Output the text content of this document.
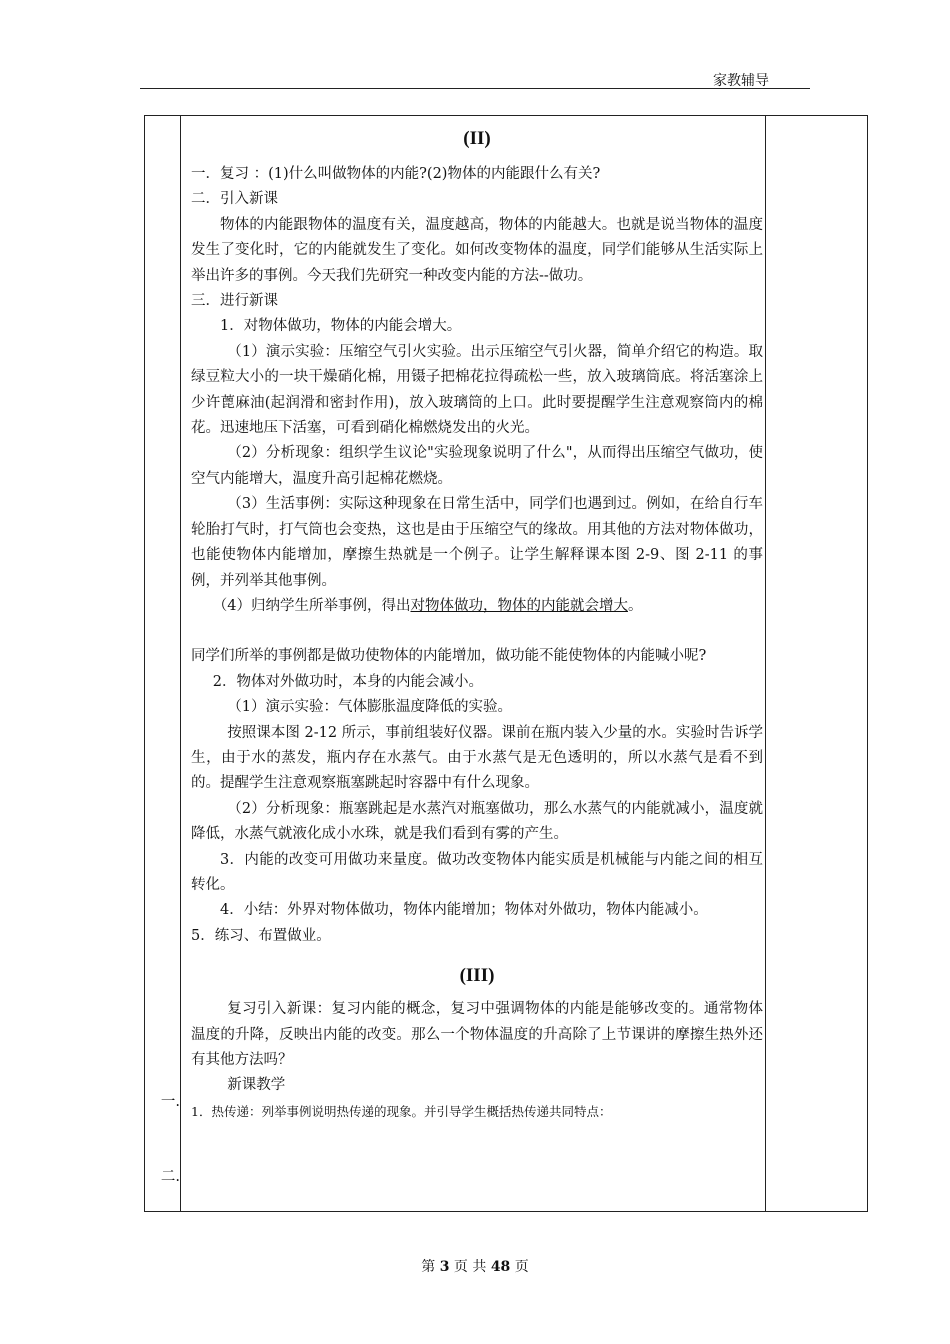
家教辅导
一.
二.
(II)

一．复习 ：(1)什么叫做物体的内能?(2)物体的内能跟什么有关?

二．引入新课

物体的内能跟物体的温度有关，温度越高，物体的内能越大。也就是说当物体的温度发生了变化时，它的内能就发生了变化。如何改变物体的温度，同学们能够从生活实际上举出许多的事例。今天我们先研究一种改变内能的方法--做功。

三．进行新课

1．对物体做功，物体的内能会增大。

（1）演示实验：压缩空气引火实验。出示压缩空气引火器，简单介绍它的构造。取绿豆粒大小的一块干燥硝化棉，用镊子把棉花拉得疏松一些，放入玻璃筒底。将活塞涂上少许蓖麻油(起润滑和密封作用)，放入玻璃筒的上口。此时要提醒学生注意观察筒内的棉花。迅速地压下活塞，可看到硝化棉燃烧发出的火光。

（2）分析现象：组织学生议论"实验现象说明了什么"，从而得出压缩空气做功，使空气内能增大，温度升高引起棉花燃烧。

（3）生活事例：实际这种现象在日常生活中，同学们也遇到过。例如，在给自行车轮胎打气时，打气筒也会变热，这也是由于压缩空气的缘故。用其他的方法对物体做功，也能使物体内能增加，摩擦生热就是一个例子。让学生解释课本图 2-9、图 2-11 的事例，并列举其他事例。

（4）归纳学生所举事例，得出对物体做功，物体的内能就会增大。

同学们所举的事例都是做功使物体的内能增加，做功能不能使物体的内能喊小呢?

2．物体对外做功时，本身的内能会减小。

（1）演示实验：气体膨胀温度降低的实验。

按照课本图 2-12 所示，事前组装好仪器。课前在瓶内装入少量的水。实验时告诉学生，由于水的蒸发，瓶内存在水蒸气。由于水蒸气是无色透明的，所以水蒸气是看不到的。提醒学生注意观察瓶塞跳起时容器中有什么现象。

（2）分析现象：瓶塞跳起是水蒸汽对瓶塞做功，那么水蒸气的内能就减小，温度就降低，水蒸气就液化成小水珠，就是我们看到有雾的产生。

3．内能的改变可用做功来量度。做功改变物体内能实质是机械能与内能之间的相互转化。

4．小结：外界对物体做功，物体内能增加；物体对外做功，物体内能减小。

5．练习、布置做业。

(III)

复习引入新课：复习内能的概念，复习中强调物体的内能是能够改变的。通常物体温度的升降，反映出内能的改变。那么一个物体温度的升高除了上节课讲的摩擦生热外还有其他方法吗？

新课教学

1．热传递：列举事例说明热传递的现象。并引导学生概括热传递共同特点：

第 3 页 共 48 页
